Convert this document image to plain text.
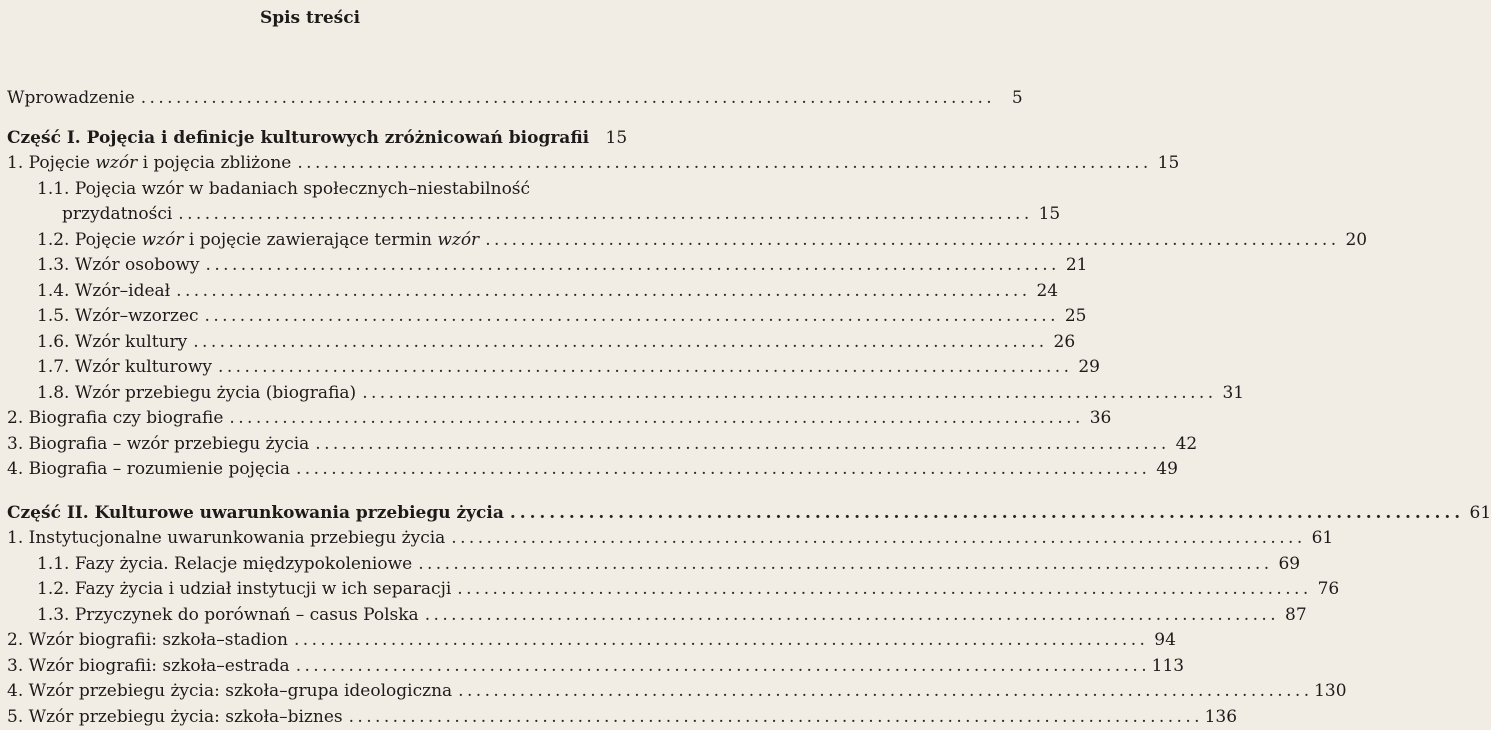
Spis treści
Wprowadzenie . . .	5
Część I. Pojęcia i definicje kulturowych zróżnicowań biografii 15
1. Pojęcie wzór i pojęcia zbliżone . . .	15
1.1. Pojęcia wzór w badaniach społecznych–niestabilność
przydatności . . .	15
1.2. Pojęcie wzór i pojęcie zawierające termin wzór . . .	20
1.3. Wzór osobowy . . .	21
1.4. Wzór–ideał . . .	24
1.5. Wzór–wzorzec . . .	25
1.6. Wzór kultury . . .	26
1.7. Wzór kulturowy . . .	29
1.8. Wzór przebiegu życia (biografia) . . .	31
2. Biografia czy biografie . . .	36
3. Biografia – wzór przebiegu życia . . .	42
4. Biografia – rozumienie pojęcia . . .	49
Część II. Kulturowe uwarunkowania przebiegu życia . . .	61
1. Instytucjonalne uwarunkowania przebiegu życia . . .	61
1.1. Fazy życia. Relacje międzypokoleniowe . . .	69
1.2. Fazy życia i udział instytucji w ich separacji . . .	76
1.3. Przyczynek do porównań – casus Polska . . .	87
2. Wzór biografii: szkoła–stadion . . .	94
3. Wzór biografii: szkoła–estrada . . .	113
4. Wzór przebiegu życia: szkoła–grupa ideologiczna . . .	130
5. Wzór przebiegu życia: szkoła–biznes . . .	136
